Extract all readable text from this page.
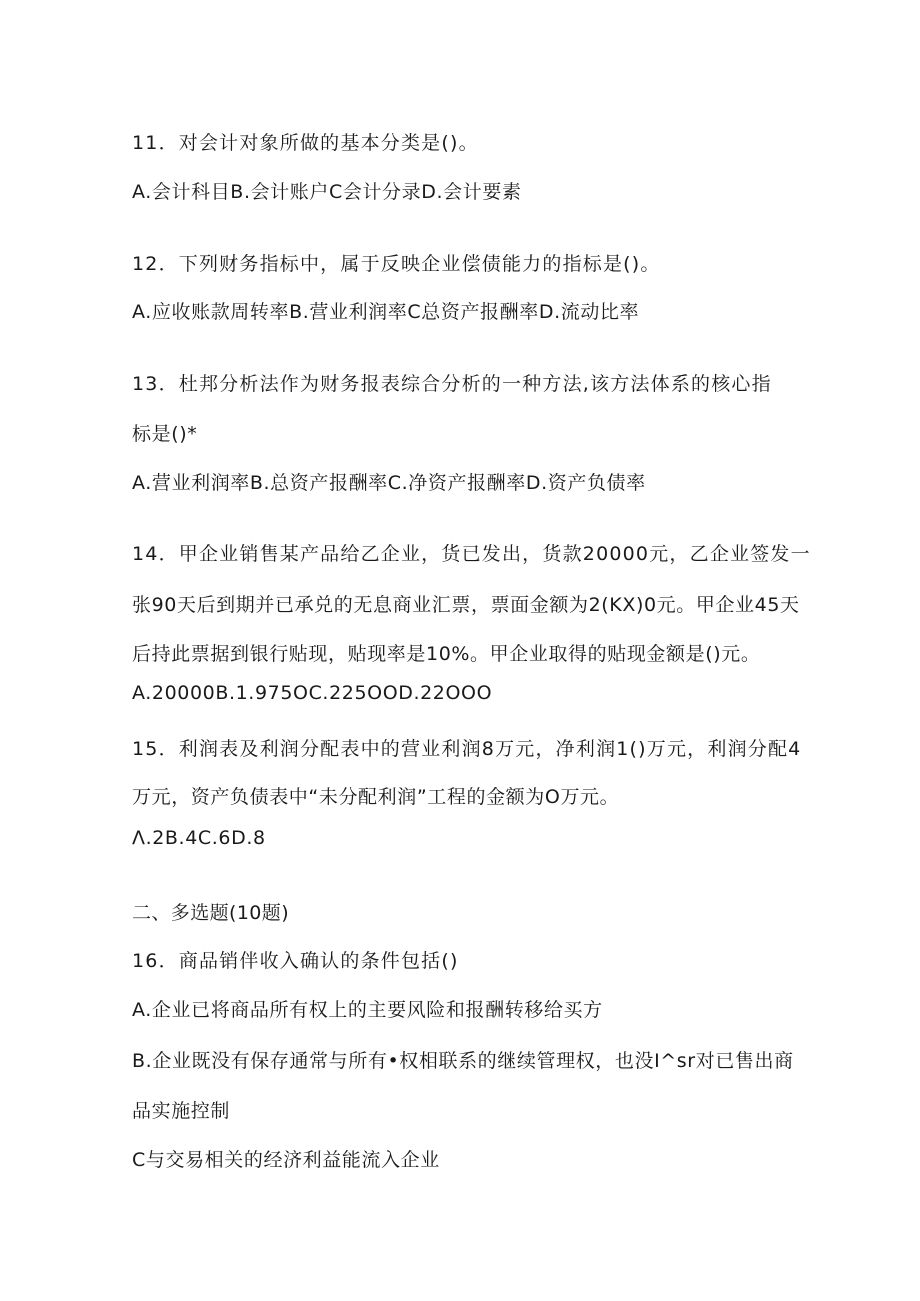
11．对会计对象所做的基本分类是()。
A.会计科目B.会计账户C会计分录D.会计要素
12．下列财务指标中，属于反映企业偿债能力的指标是()。
A.应收账款周转率B.营业利润率C总资产报酬率D.流动比率
13．杜邦分析法作为财务报表综合分析的一种方法,该方法体系的核心指
标是()*
A.营业利润率B.总资产报酬率C.净资产报酬率D.资产负债率
14．甲企业销售某产品给乙企业，货已发出，货款20000元，乙企业签发一
张90天后到期并已承兑的无息商业汇票，票面金额为2(KX)0元。甲企业45天
后持此票据到银行贴现，贴现率是10%。甲企业取得的贴现金额是()元。
A.20000B.1.975OC.225OOD.22OOO
15．利润表及利润分配表中的营业利润8万元，净利润1()万元，利润分配4
万元，资产负债表中“未分配利润”工程的金额为O万元。
Λ.2B.4C.6D.8
二、多选题(10题)
16．商品销伴收入确认的条件包括()
A.企业已将商品所有权上的主要风险和报酬转移给买方
B.企业既没有保存通常与所有•权相联系的继续管理权，也没I^sr对已售出商
品实施控制
C与交易相关的经济利益能流入企业
